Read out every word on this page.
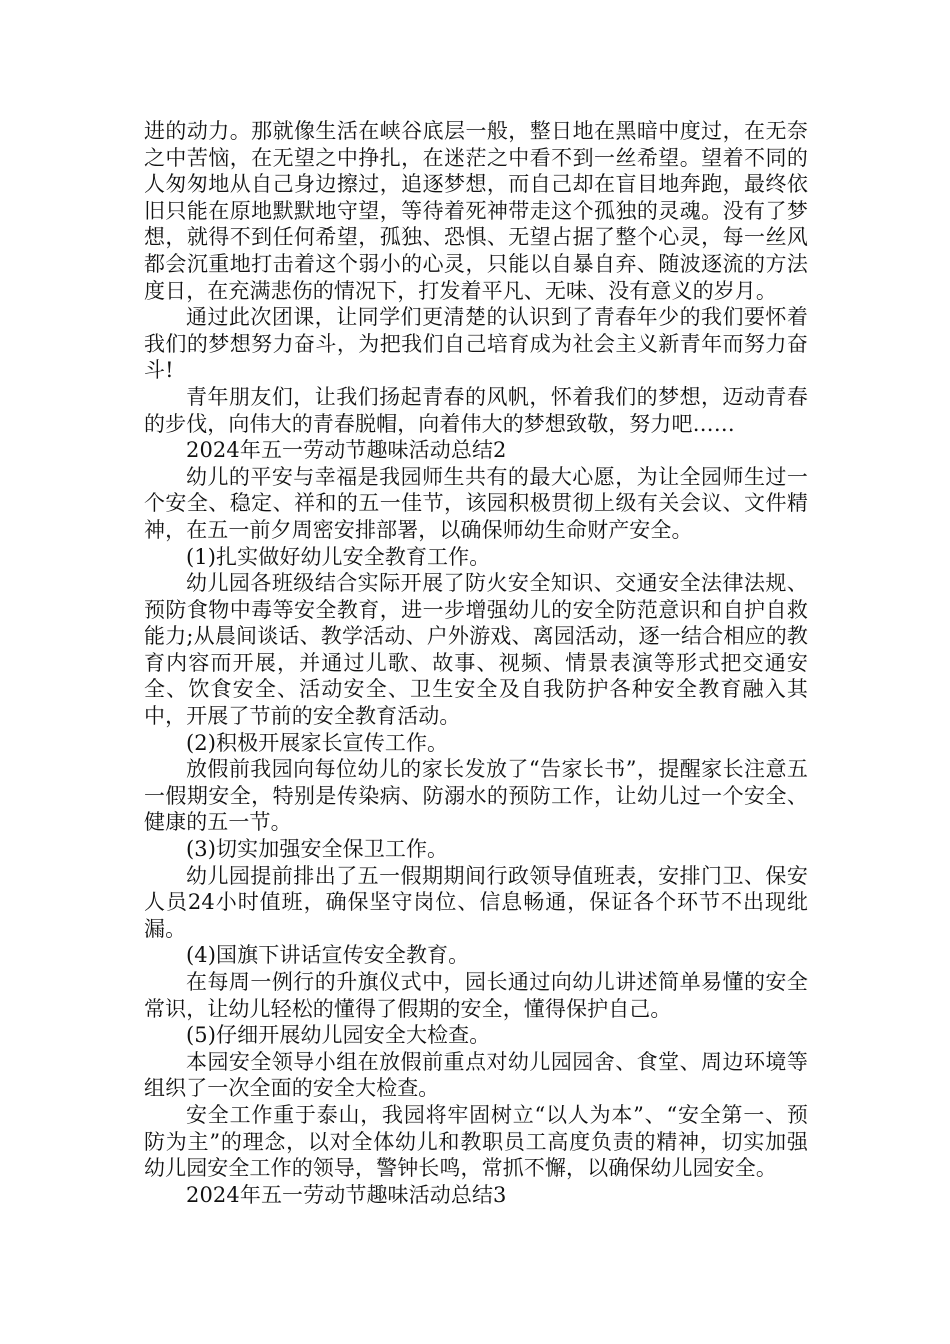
进的动力。那就像生活在峡谷底层一般，整日地在黑暗中度过，在无奈之中苦恼，在无望之中挣扎，在迷茫之中看不到一丝希望。望着不同的人匆匆地从自己身边擦过，追逐梦想，而自己却在盲目地奔跑，最终依旧只能在原地默默地守望，等待着死神带走这个孤独的灵魂。没有了梦想，就得不到任何希望，孤独、恐惧、无望占据了整个心灵，每一丝风都会沉重地打击着这个弱小的心灵，只能以自暴自弃、随波逐流的方法度日，在充满悲伤的情况下，打发着平凡、无味、没有意义的岁月。

通过此次团课，让同学们更清楚的认识到了青春年少的我们要怀着我们的梦想努力奋斗，为把我们自己培育成为社会主义新青年而努力奋斗!

青年朋友们，让我们扬起青春的风帆，怀着我们的梦想，迈动青春的步伐，向伟大的青春脱帽，向着伟大的梦想致敬，努力吧……

2024年五一劳动节趣味活动总结2

幼儿的平安与幸福是我园师生共有的最大心愿，为让全园师生过一个安全、稳定、祥和的五一佳节，该园积极贯彻上级有关会议、文件精神，在五一前夕周密安排部署，以确保师幼生命财产安全。

(1)扎实做好幼儿安全教育工作。

幼儿园各班级结合实际开展了防火安全知识、交通安全法律法规、预防食物中毒等安全教育，进一步增强幼儿的安全防范意识和自护自救能力;从晨间谈话、教学活动、户外游戏、离园活动，逐一结合相应的教育内容而开展，并通过儿歌、故事、视频、情景表演等形式把交通安全、饮食安全、活动安全、卫生安全及自我防护各种安全教育融入其中，开展了节前的安全教育活动。

(2)积极开展家长宣传工作。

放假前我园向每位幼儿的家长发放了“告家长书”，提醒家长注意五一假期安全，特别是传染病、防溺水的预防工作，让幼儿过一个安全、健康的五一节。

(3)切实加强安全保卫工作。

幼儿园提前排出了五一假期期间行政领导值班表，安排门卫、保安人员24小时值班，确保坚守岗位、信息畅通，保证各个环节不出现纰漏。

(4)国旗下讲话宣传安全教育。

在每周一例行的升旗仪式中，园长通过向幼儿讲述简单易懂的安全常识，让幼儿轻松的懂得了假期的安全，懂得保护自己。

(5)仔细开展幼儿园安全大检查。

本园安全领导小组在放假前重点对幼儿园园舍、食堂、周边环境等组织了一次全面的安全大检查。

安全工作重于泰山，我园将牢固树立“以人为本”、“安全第一、预防为主”的理念，以对全体幼儿和教职员工高度负责的精神，切实加强幼儿园安全工作的领导，警钟长鸣，常抓不懈，以确保幼儿园安全。

2024年五一劳动节趣味活动总结3
